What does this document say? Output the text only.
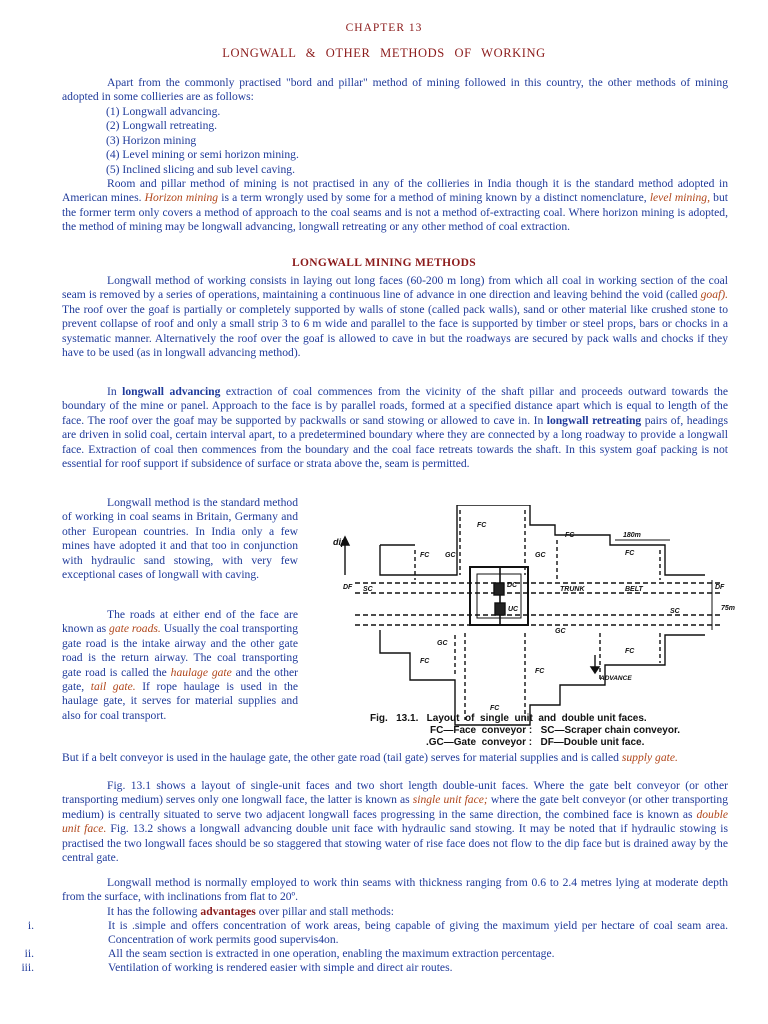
CHAPTER 13
LONGWALL & OTHER METHODS OF WORKING

Apart from the commonly practised "bord and pillar" method of mining followed in this country, the other methods of mining adopted in some collieries are as follows:

(1) Longwall advancing.
(2) Longwall retreating.
(3) Horizon mining
(4) Level mining or semi horizon mining.
(5) Inclined slicing and sub level caving.

Room and pillar method of mining is not practised in any of the collieries in India though it is the standard method adopted in American mines. Horizon mining is a term wrongly used by some for a method of mining known by a distinct nomenclature, level mining, but the former term only covers a method of approach to the coal seams and is not a method of-extracting coal. Where horizon mining is adopted, the method of mining may be longwall advancing, longwall retreating or any other method of coal extraction.

LONGWALL MINING METHODS

Longwall method of working consists in laying out long faces (60-200 m long) from which all coal in working section of the coal seam is removed by a series of operations, maintaining a continuous line of advance in one direction and leaving behind the void (called goaf). The roof over the goaf is partially or completely supported by walls of stone (called pack walls), sand or other material like crushed stone to prevent collapse of roof and only a small strip 3 to 6 m wide and parallel to the face is supported by timber or steel props, bars or chocks in a systematic manner. Alternatively the roof over the goaf is allowed to cave in but the roadways are secured by pack walls and chocks if they have to be used (as in longwall advancing method).

In longwall advancing extraction of coal commences from the vicinity of the shaft pillar and proceeds outward towards the boundary of the mine or panel. Approach to the face is by parallel roads, formed at a specified distance apart which is equal to length of the face. The roof over the goaf may be supported by packwalls or sand stowing or allowed to cave in. In longwall retreating pairs of, headings are driven in solid coal, certain interval apart, to a predetermined boundary where they are connected by a long roadway to provide a longwall face. Extraction of coal then commences from the boundary and the coal face retreats towards the shaft. In this system goaf packing is not essential for roof support if subsidence of surface or strata above the, seam is permitted.

Longwall method is the standard method of working in coal seams in Britain, Germany and other European countries. In India only a few mines have adopted it and that too in conjunction with hydraulic sand stowing, with very few exceptional cases of longwall with caving.

The roads at either end of the face are known as gate roads. Usually the coal transporting gate road is the intake airway and the other gate road is the return airway. The coal transporting gate road is called the haulage gate and the other gate, tail gate. If rope haulage is used in the haulage gate, it serves for material supplies and also for coal transport.

dip
FC
FC
FC
FC
FC
FC
FC
FC
GC	GC
GC
GC
SC
SC
DF	DF
DC
UC
TRUNK	BELT
ADVANCE
180m
75m
Fig.   13.1.   Layout  of  single  unit  and  double unit faces.
FC—Face  conveyor :   SC—Scraper chain conveyor.
.GC—Gate  conveyor :   DF—Double unit face.

But if a belt conveyor is used in the haulage gate, the other gate road (tail gate) serves for material supplies and is called supply gate.

Fig. 13.1 shows a layout of single-unit faces and two short length double-unit faces. Where the gate belt conveyor (or other transporting medium) serves only one longwall face, the latter is known as single unit face; where the gate belt conveyor (or other transporting medium) is centrally situated to serve two adjacent longwall faces progressing in the same direction, the combined face is known as double unit face. Fig. 13.2 shows a longwall advancing double unit face with hydraulic sand stowing. It may be noted that if hydraulic stowing is practised the two longwall faces should be so staggered that stowing water of rise face does not flow to the dip face but is drained away by the central gate.

Longwall method is normally employed to work thin seams with thickness ranging from 0.6 to 2.4 metres lying at moderate depth from the surface, with inclinations from flat to 20º.

It has the following advantages over pillar and stall methods:

i.	It is .simple and offers concentration of work areas, being capable of giving the maximum yield per hectare of coal seam area. Concentration of work permits good supervis4on.

ii.	All the seam section is extracted in one operation, enabling the maximum extraction percentage.

iii.	Ventilation of working is rendered easier with simple and direct air routes.
